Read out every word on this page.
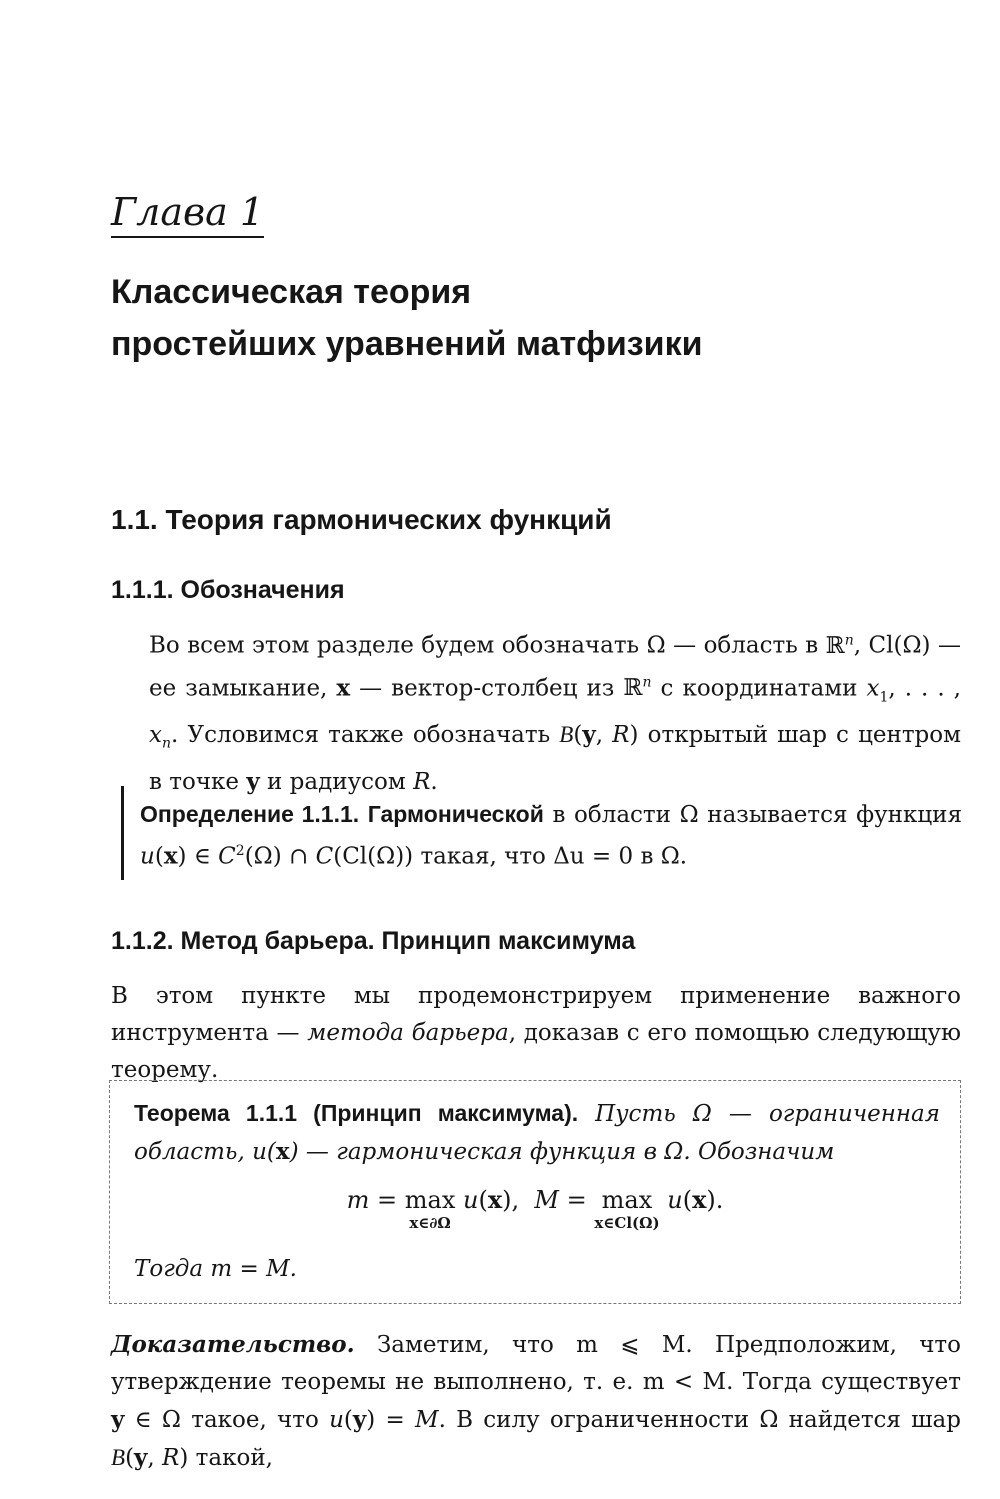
Глава 1
Классическая теория
простейших уравнений матфизики
1.1. Теория гармонических функций
1.1.1. Обозначения

Во всем этом разделе будем обозначать Ω — область в ℝ$^n$, Cl(Ω) — ее замыкание, x — вектор-столбец из ℝ$^n$ с координатами $x_1$, . . . , $x_n$. Условимся также обозначать B(y, R) открытый шар с центром в точке y и радиусом R.

Определение 1.1.1. Гармонической в области Ω называется функция u(x) ∈ $C^2(\Omega)$ ∩ C(Cl(Ω)) такая, что Δu = 0 в Ω.

1.1.2. Метод барьера. Принцип максимума

В этом пункте мы продемонстрируем применение важного инструмента — метода барьера, доказав с его помощью следующую теорему.

Теорема 1.1.1 (Принцип максимума). Пусть Ω — ограниченная область, u(x) — гармоническая функция в Ω. Обозначим

m = max
x∈∂Ω
u(x),  M = max
x∈Cl(Ω)
u(x).

Тогда m = M.

Доказательство. Заметим, что m ⩽ M. Предположим, что утверждение теоремы не выполнено, т. е. m < M. Тогда существует y ∈ Ω такое, что u(y) = M. В силу ограниченности Ω найдется шар B(y, R) такой,
